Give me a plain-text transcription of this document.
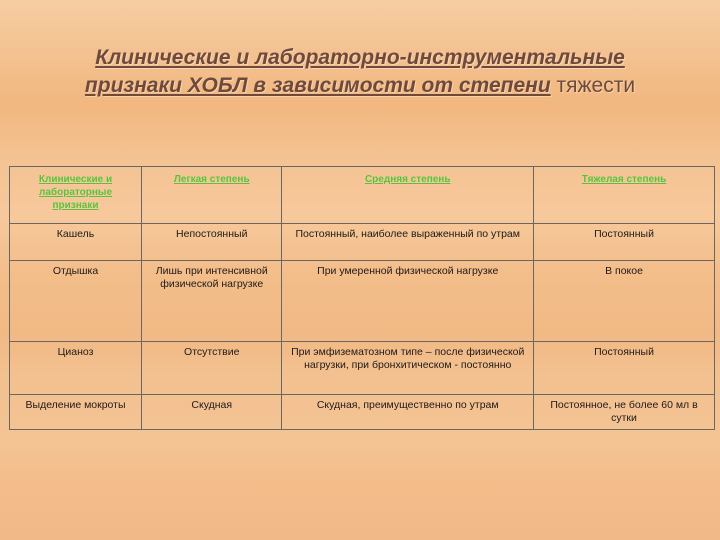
Клинические и лабораторно-инструментальные
признаки ХОБЛ в зависимости от степени тяжести
Клинические и лабораторные признаки	Легкая степень	Средняя степень	Тяжелая степень
Кашель	Непостоянный	Постоянный, наиболее выраженный по утрам	Постоянный
Отдышка	Лишь при интенсивной физической нагрузке	При умеренной физической нагрузке	В покое
Цианоз	Отсутствие	При эмфизематозном типе – после физической нагрузки, при бронхитическом - постоянно	Постоянный
Выделение мокроты	Скудная	Скудная, преимущественно по утрам	Постоянное, не более 60 мл в сутки
